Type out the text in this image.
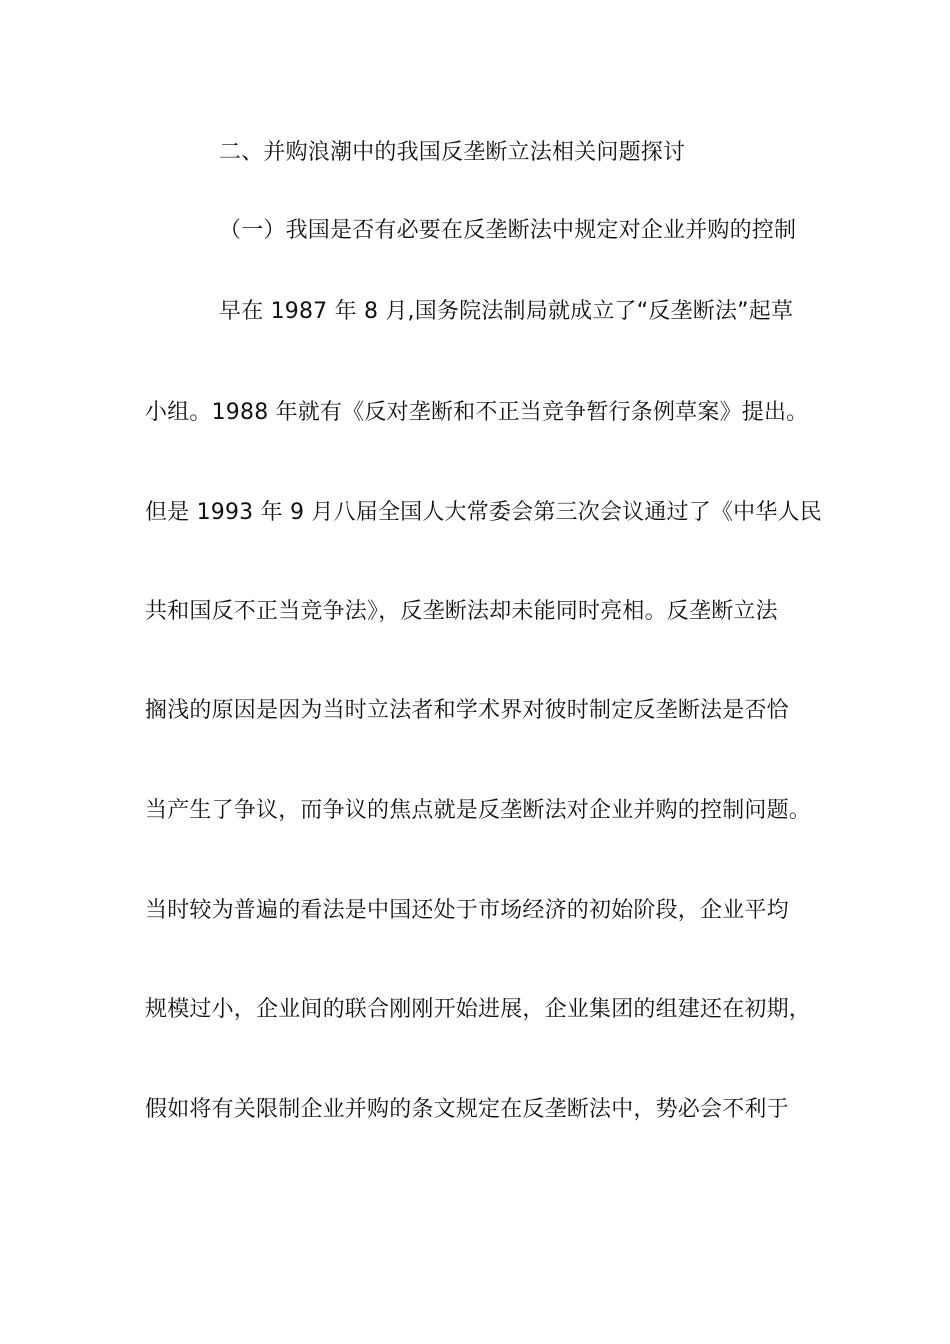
二、并购浪潮中的我国反垄断立法相关问题探讨
（一）我国是否有必要在反垄断法中规定对企业并购的控制
早在 1987 年 8 月,国务院法制局就成立了“反垄断法”起草
小组。1988 年就有《反对垄断和不正当竞争暂行条例草案》提出。
但是 1993 年 9 月八届全国人大常委会第三次会议通过了《中华人民
共和国反不正当竞争法》，反垄断法却未能同时亮相。反垄断立法
搁浅的原因是因为当时立法者和学术界对彼时制定反垄断法是否恰
当产生了争议，而争议的焦点就是反垄断法对企业并购的控制问题。
当时较为普遍的看法是中国还处于市场经济的初始阶段，企业平均
规模过小，企业间的联合刚刚开始进展，企业集团的组建还在初期，
假如将有关限制企业并购的条文规定在反垄断法中，势必会不利于
